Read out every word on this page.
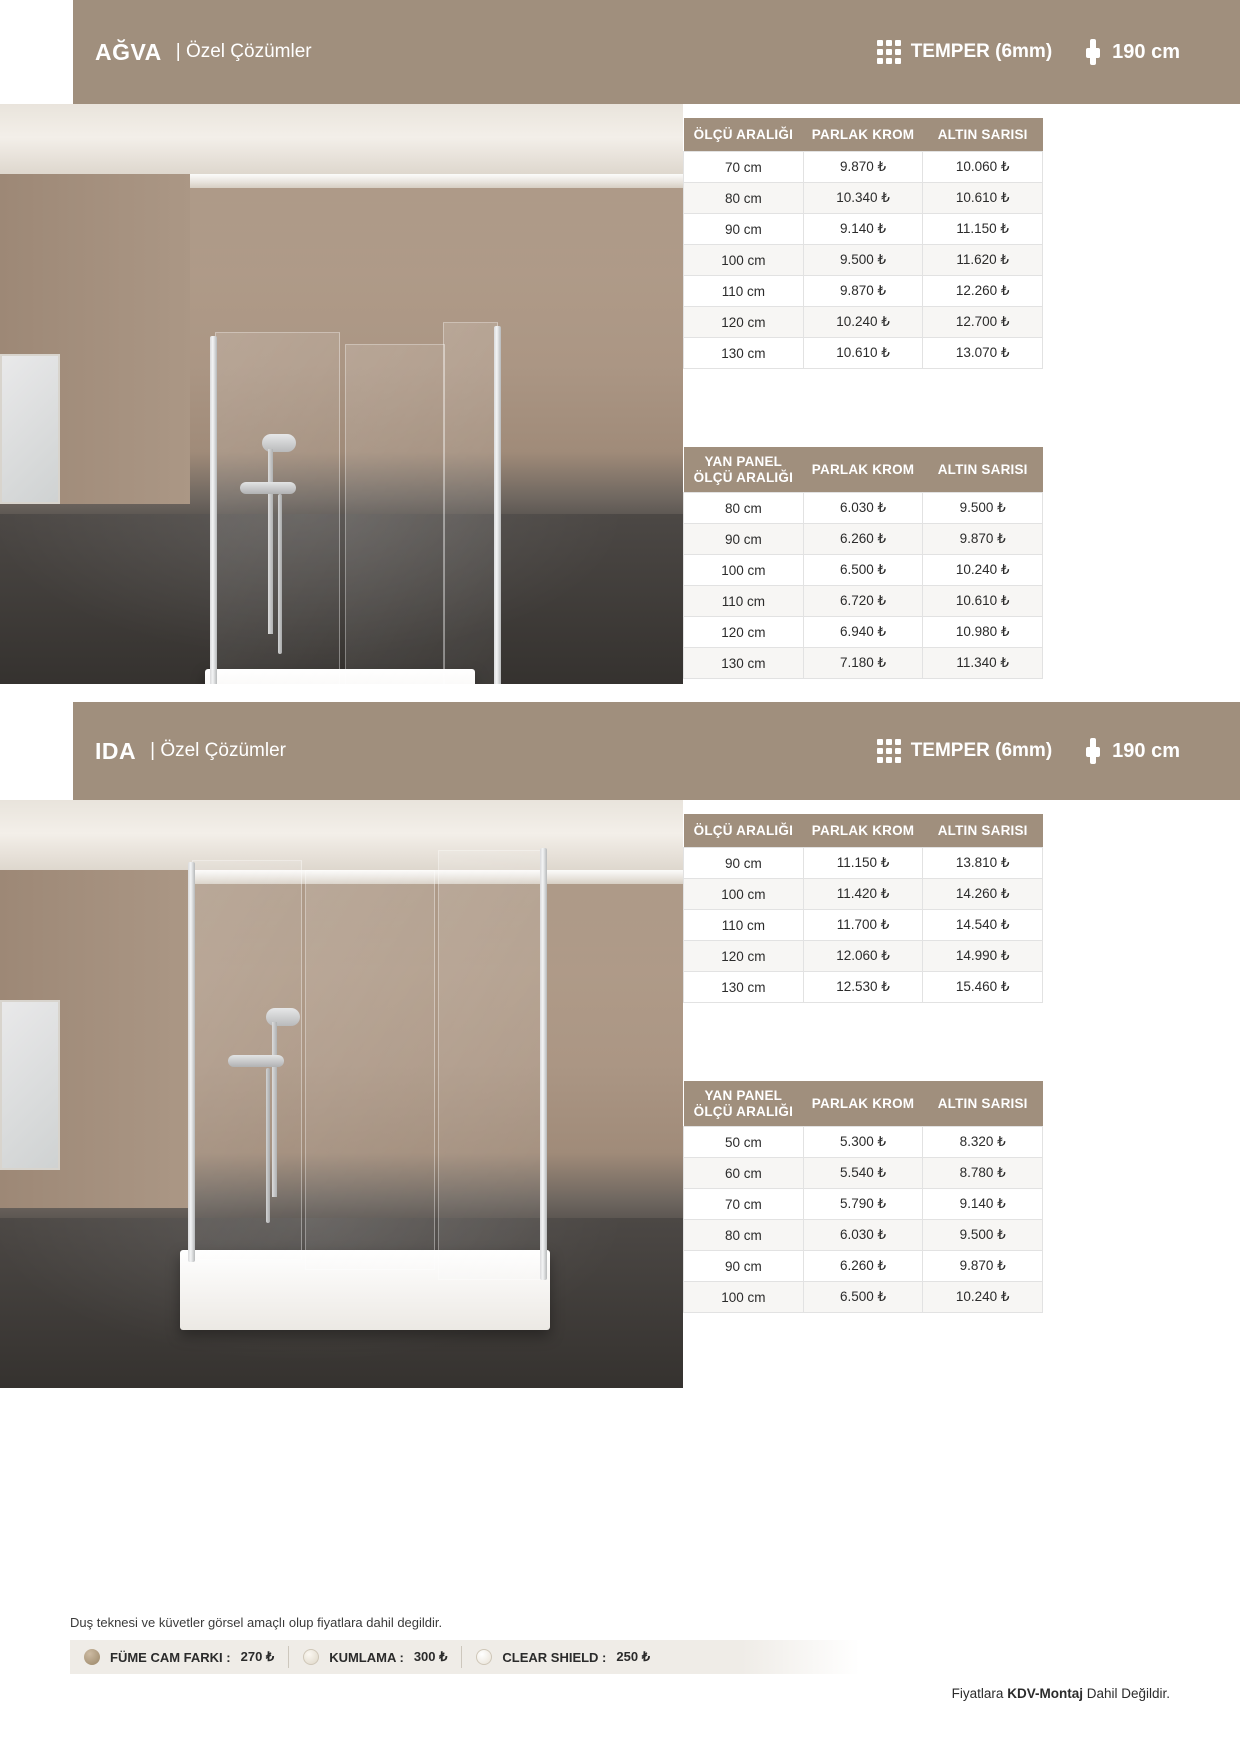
AĞVA | Özel Çözümler	TEMPER (6mm)	190 cm
ÖLÇÜ ARALIĞI	PARLAK KROM	ALTIN SARISI
70 cm	9.870 ₺	10.060 ₺
80 cm	10.340 ₺	10.610 ₺
90 cm	9.140 ₺	11.150 ₺
100 cm	9.500 ₺	11.620 ₺
110 cm	9.870 ₺	12.260 ₺
120 cm	10.240 ₺	12.700 ₺
130 cm	10.610 ₺	13.070 ₺
YAN PANEL
ÖLÇÜ ARALIĞI	PARLAK KROM	ALTIN SARISI
80 cm	6.030 ₺	9.500 ₺
90 cm	6.260 ₺	9.870 ₺
100 cm	6.500 ₺	10.240 ₺
110 cm	6.720 ₺	10.610 ₺
120 cm	6.940 ₺	10.980 ₺
130 cm	7.180 ₺	11.340 ₺
IDA | Özel Çözümler	TEMPER (6mm)	190 cm
ÖLÇÜ ARALIĞI	PARLAK KROM	ALTIN SARISI
90 cm	11.150 ₺	13.810 ₺
100 cm	11.420 ₺	14.260 ₺
110 cm	11.700 ₺	14.540 ₺
120 cm	12.060 ₺	14.990 ₺
130 cm	12.530 ₺	15.460 ₺
YAN PANEL
ÖLÇÜ ARALIĞI	PARLAK KROM	ALTIN SARISI
50 cm	5.300 ₺	8.320 ₺
60 cm	5.540 ₺	8.780 ₺
70 cm	5.790 ₺	9.140 ₺
80 cm	6.030 ₺	9.500 ₺
90 cm	6.260 ₺	9.870 ₺
100 cm	6.500 ₺	10.240 ₺
Duş teknesi ve küvetler görsel amaçlı olup fiyatlara dahil degildir.
FÜME CAM FARKI : 270 ₺	KUMLAMA : 300 ₺	CLEAR SHIELD : 250 ₺
Fiyatlara KDV-Montaj Dahil Değildir.
